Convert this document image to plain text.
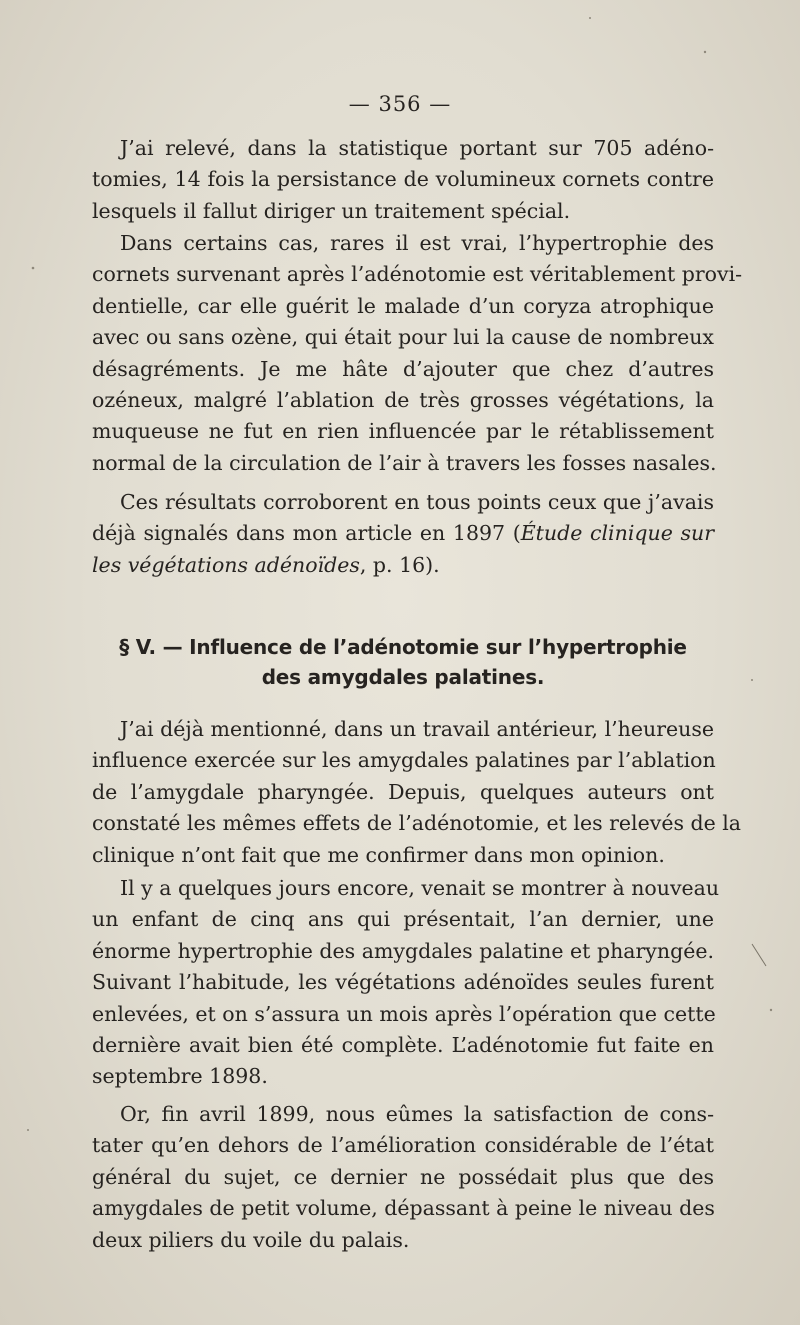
— 356 —
J’ai relevé, dans la statistique portant sur 705 adéno-
tomies, 14 fois la persistance de volumineux cornets contre
lesquels il fallut diriger un traitement spécial.
Dans certains cas, rares il est vrai, l’hypertrophie des
cornets survenant après l’adénotomie est véritablement provi-
dentielle, car elle guérit le malade d’un coryza atrophique
avec ou sans ozène, qui était pour lui la cause de nombreux
désagréments. Je me hâte d’ajouter que chez d’autres
ozéneux, malgré l’ablation de très grosses végétations, la
muqueuse ne fut en rien influencée par le rétablissement
normal de la circulation de l’air à travers les fosses nasales.
Ces résultats corroborent en tous points ceux que j’avais
déjà signalés dans mon article en 1897 (Étude clinique sur
les végétations adénoïdes, p. 16).
§ V. — Influence de l’adénotomie sur l’hypertrophie
des amygdales palatines.
J’ai déjà mentionné, dans un travail antérieur, l’heureuse
influence exercée sur les amygdales palatines par l’ablation
de l’amygdale pharyngée. Depuis, quelques auteurs ont
constaté les mêmes effets de l’adénotomie, et les relevés de la
clinique n’ont fait que me confirmer dans mon opinion.
Il y a quelques jours encore, venait se montrer à nouveau
un enfant de cinq ans qui présentait, l’an dernier, une
énorme hypertrophie des amygdales palatine et pharyngée.
Suivant l’habitude, les végétations adénoïdes seules furent
enlevées, et on s’assura un mois après l’opération que cette
dernière avait bien été complète. L’adénotomie fut faite en
septembre 1898.
Or, fin avril 1899, nous eûmes la satisfaction de cons-
tater qu’en dehors de l’amélioration considérable de l’état
général du sujet, ce dernier ne possédait plus que des
amygdales de petit volume, dépassant à peine le niveau des
deux piliers du voile du palais.
